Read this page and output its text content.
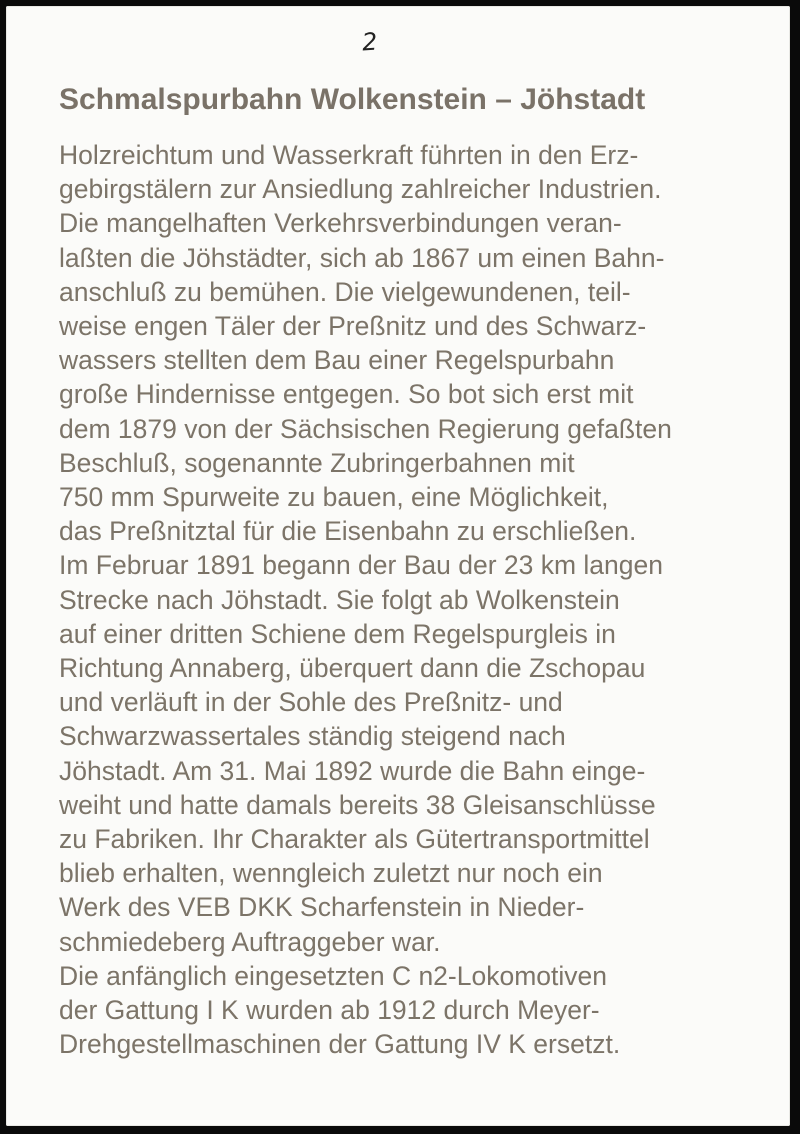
2
Schmalspurbahn Wolkenstein – Jöhstadt
Holzreichtum und Wasserkraft führten in den Erz-
gebirgstälern zur Ansiedlung zahlreicher Industrien.
Die mangelhaften Verkehrsverbindungen veran-
laßten die Jöhstädter, sich ab 1867 um einen Bahn-
anschluß zu bemühen. Die vielgewundenen, teil-
weise engen Täler der Preßnitz und des Schwarz-
wassers stellten dem Bau einer Regelspurbahn
große Hindernisse entgegen. So bot sich erst mit
dem 1879 von der Sächsischen Regierung gefaßten
Beschluß, sogenannte Zubringerbahnen mit
750 mm Spurweite zu bauen, eine Möglichkeit,
das Preßnitztal für die Eisenbahn zu erschließen.
Im Februar 1891 begann der Bau der 23 km langen
Strecke nach Jöhstadt. Sie folgt ab Wolkenstein
auf einer dritten Schiene dem Regelspurgleis in
Richtung Annaberg, überquert dann die Zschopau
und verläuft in der Sohle des Preßnitz- und
Schwarzwassertales ständig steigend nach
Jöhstadt. Am 31. Mai 1892 wurde die Bahn einge-
weiht und hatte damals bereits 38 Gleisanschlüsse
zu Fabriken. Ihr Charakter als Gütertransportmittel
blieb erhalten, wenngleich zuletzt nur noch ein
Werk des VEB DKK Scharfenstein in Nieder-
schmiedeberg Auftraggeber war.
Die anfänglich eingesetzten C n2-Lokomotiven
der Gattung I K wurden ab 1912 durch Meyer-
Drehgestellmaschinen der Gattung IV K ersetzt.
